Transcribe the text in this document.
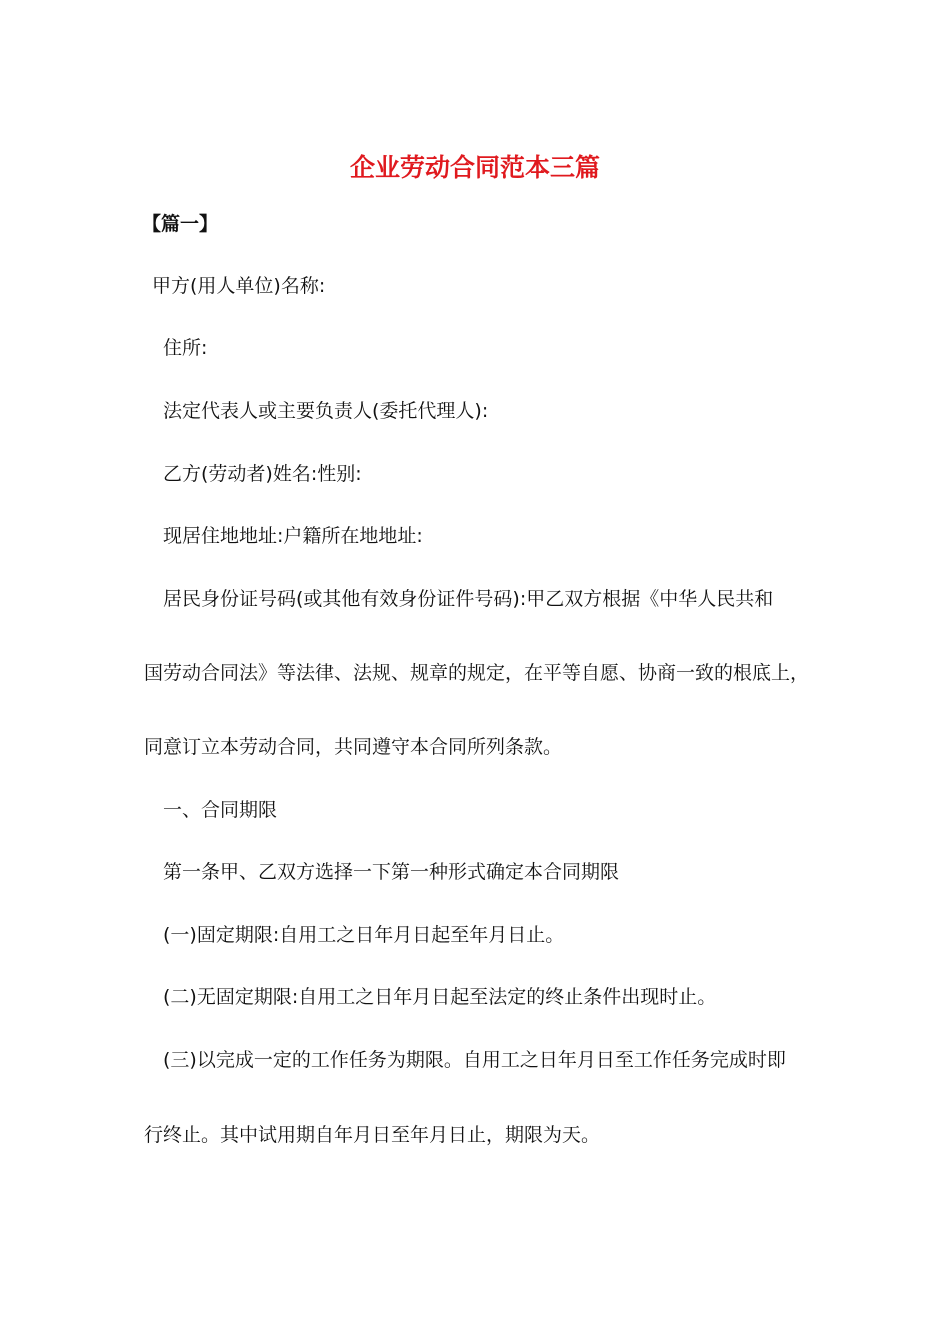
企业劳动合同范本三篇
【篇一】
甲方(用人单位)名称:
住所:
法定代表人或主要负责人(委托代理人):
乙方(劳动者)姓名:性别:
现居住地地址:户籍所在地地址:
居民身份证号码(或其他有效身份证件号码):甲乙双方根据《中华人民共和
国劳动合同法》等法律、法规、规章的规定，在平等自愿、协商一致的根底上，
同意订立本劳动合同，共同遵守本合同所列条款。
一、合同期限
第一条甲、乙双方选择一下第一种形式确定本合同期限
(一)固定期限:自用工之日年月日起至年月日止。
(二)无固定期限:自用工之日年月日起至法定的终止条件出现时止。
(三)以完成一定的工作任务为期限。自用工之日年月日至工作任务完成时即
行终止。其中试用期自年月日至年月日止，期限为天。
